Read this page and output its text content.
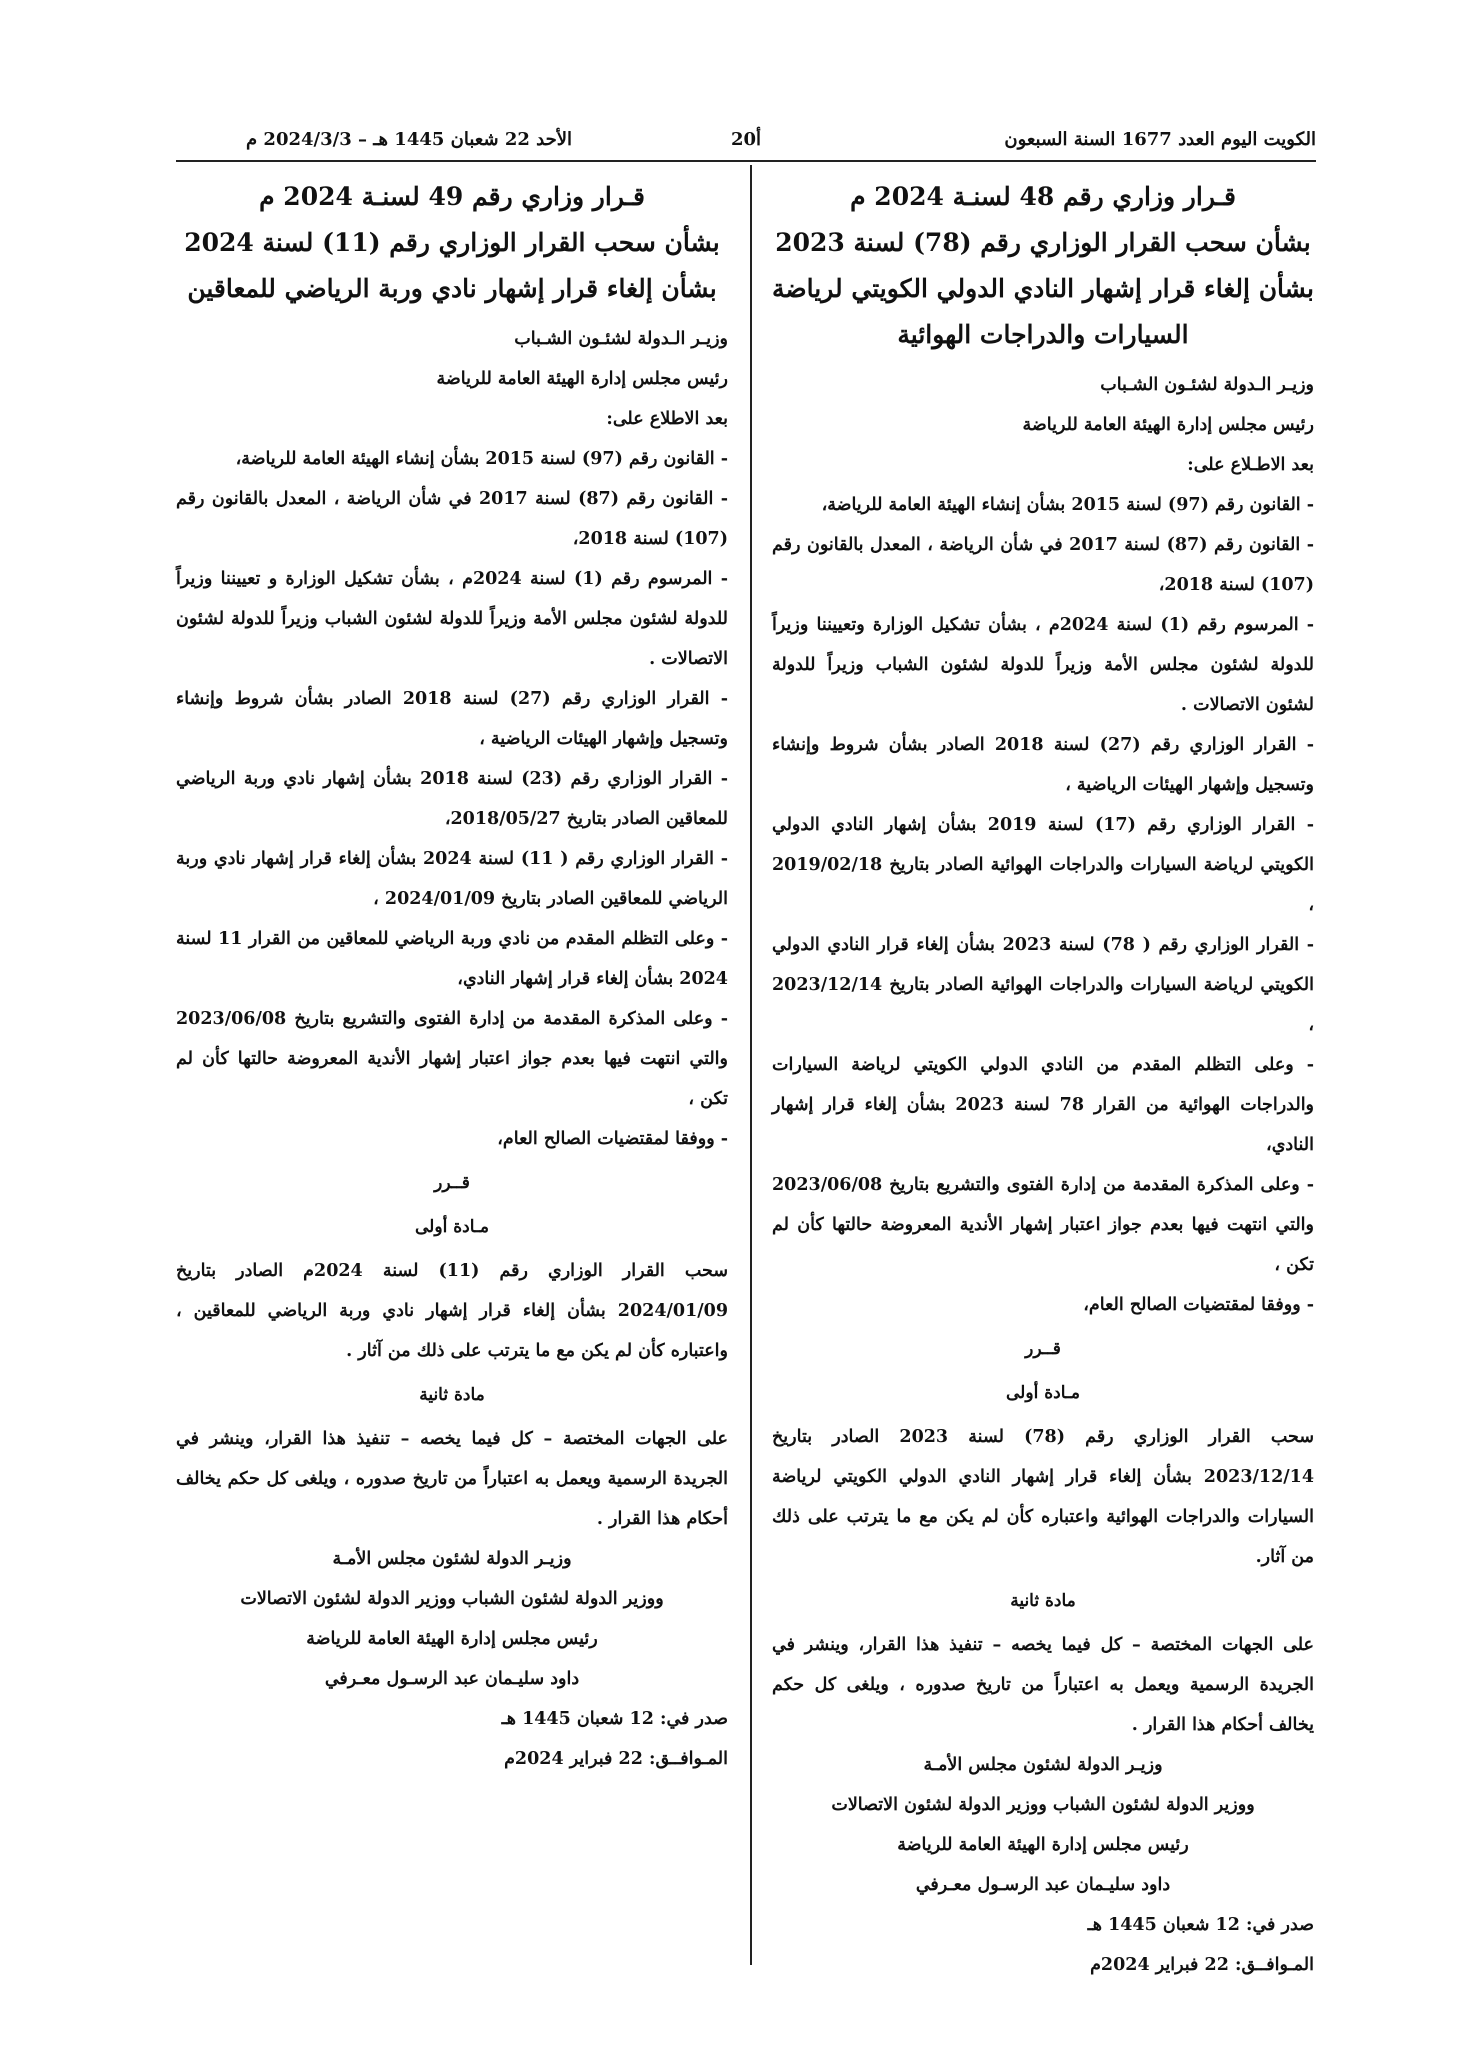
الكويت اليوم العدد 1677 السنة السبعون
20أ
الأحد 22 شعبان 1445 هـ – 2024/3/3 م
قـرار وزاري رقم 48 لسنـة 2024 م
بشأن سحب القرار الوزاري رقم (78) لسنة 2023
بشأن إلغاء قرار إشهار النادي الدولي الكويتي لرياضة
السيارات والدراجات الهوائية

وزيـر الـدولة لشئـون الشـباب

رئيس مجلس إدارة الهيئة العامة للرياضة

بعد الاطـلاع على:

- القانون رقم (97) لسنة 2015 بشأن إنشاء الهيئة العامة للرياضة،

- القانون رقم (87) لسنة 2017 في شأن الرياضة ، المعدل بالقانون رقم (107) لسنة 2018،

- المرسوم رقم (1) لسنة 2024م ، بشأن تشكيل الوزارة وتعييننا وزيراً للدولة لشئون مجلس الأمة وزيراً للدولة لشئون الشباب وزيراً للدولة لشئون الاتصالات .

- القرار الوزاري رقم (27) لسنة 2018 الصادر بشأن شروط وإنشاء وتسجيل وإشهار الهيئات الرياضية ،

- القرار الوزاري رقم (17) لسنة 2019 بشأن إشهار النادي الدولي الكويتي لرياضة السيارات والدراجات الهوائية الصادر بتاريخ 2019/02/18 ،

- القرار الوزاري رقم ( 78) لسنة 2023 بشأن إلغاء قرار النادي الدولي الكويتي لرياضة السيارات والدراجات الهوائية الصادر بتاريخ 2023/12/14 ،

- وعلى التظلم المقدم من النادي الدولي الكويتي لرياضة السيارات والدراجات الهوائية من القرار 78 لسنة 2023 بشأن إلغاء قرار إشهار النادي،

- وعلى المذكرة المقدمة من إدارة الفتوى والتشريع بتاريخ 2023/06/08 والتي انتهت فيها بعدم جواز اعتبار إشهار الأندية المعروضة حالتها كأن لم تكن ،

- ووفقا لمقتضيات الصالح العام،

قــرر

مـادة أولى

سحب القرار الوزاري رقم (78) لسنة 2023 الصادر بتاريخ 2023/12/14 بشأن إلغاء قرار إشهار النادي الدولي الكويتي لرياضة السيارات والدراجات الهوائية واعتباره كأن لم يكن مع ما يترتب على ذلك من آثار.

مادة ثانية

على الجهات المختصة – كل فيما يخصه – تنفيذ هذا القرار، وينشر في الجريدة الرسمية ويعمل به اعتباراً من تاريخ صدوره ، ويلغى كل حكم يخالف أحكام هذا القرار .

وزيـر الدولة لشئون مجلس الأمـة

ووزير الدولة لشئون الشباب ووزير الدولة لشئون الاتصالات

رئيس مجلس إدارة الهيئة العامة للرياضة

داود سليـمان عبد الرسـول معـرفي

صدر في: 12 شعبان 1445 هـ

المـوافــق: 22 فبراير 2024م

قـرار وزاري رقم 49 لسنـة 2024 م
بشأن سحب القرار الوزاري رقم (11) لسنة 2024
بشأن إلغاء قرار إشهار نادي وربة الرياضي للمعاقين

وزيـر الـدولة لشئـون الشـباب

رئيس مجلس إدارة الهيئة العامة للرياضة

بعد الاطلاع على:

- القانون رقم (97) لسنة 2015 بشأن إنشاء الهيئة العامة للرياضة،

- القانون رقم (87) لسنة 2017 في شأن الرياضة ، المعدل بالقانون رقم (107) لسنة 2018،

- المرسوم رقم (1) لسنة 2024م ، بشأن تشكيل الوزارة و تعييننا وزيراً للدولة لشئون مجلس الأمة وزيراً للدولة لشئون الشباب وزيراً للدولة لشئون الاتصالات .

- القرار الوزاري رقم (27) لسنة 2018 الصادر بشأن شروط وإنشاء وتسجيل وإشهار الهيئات الرياضية ،

- القرار الوزاري رقم (23) لسنة 2018 بشأن إشهار نادي وربة الرياضي للمعاقين الصادر بتاريخ 2018/05/27،

- القرار الوزاري رقم ( 11) لسنة 2024 بشأن إلغاء قرار إشهار نادي وربة الرياضي للمعاقين الصادر بتاريخ 2024/01/09 ،

- وعلى التظلم المقدم من نادي وربة الرياضي للمعاقين من القرار 11 لسنة 2024 بشأن إلغاء قرار إشهار النادي،

- وعلى المذكرة المقدمة من إدارة الفتوى والتشريع بتاريخ 2023/06/08 والتي انتهت فيها بعدم جواز اعتبار إشهار الأندية المعروضة حالتها كأن لم تكن ،

- ووفقا لمقتضيات الصالح العام،

قــرر

مـادة أولى

سحب القرار الوزاري رقم (11) لسنة 2024م الصادر بتاريخ 2024/01/09 بشأن إلغاء قرار إشهار نادي وربة الرياضي للمعاقين ، واعتباره كأن لم يكن مع ما يترتب على ذلك من آثار .

مادة ثانية

على الجهات المختصة – كل فيما يخصه – تنفيذ هذا القرار، وينشر في الجريدة الرسمية ويعمل به اعتباراً من تاريخ صدوره ، ويلغى كل حكم يخالف أحكام هذا القرار .

وزيـر الدولة لشئون مجلس الأمـة

ووزير الدولة لشئون الشباب ووزير الدولة لشئون الاتصالات

رئيس مجلس إدارة الهيئة العامة للرياضة

داود سليـمان عبد الرسـول معـرفي

صدر في: 12 شعبان 1445 هـ

المـوافــق: 22 فبراير 2024م
